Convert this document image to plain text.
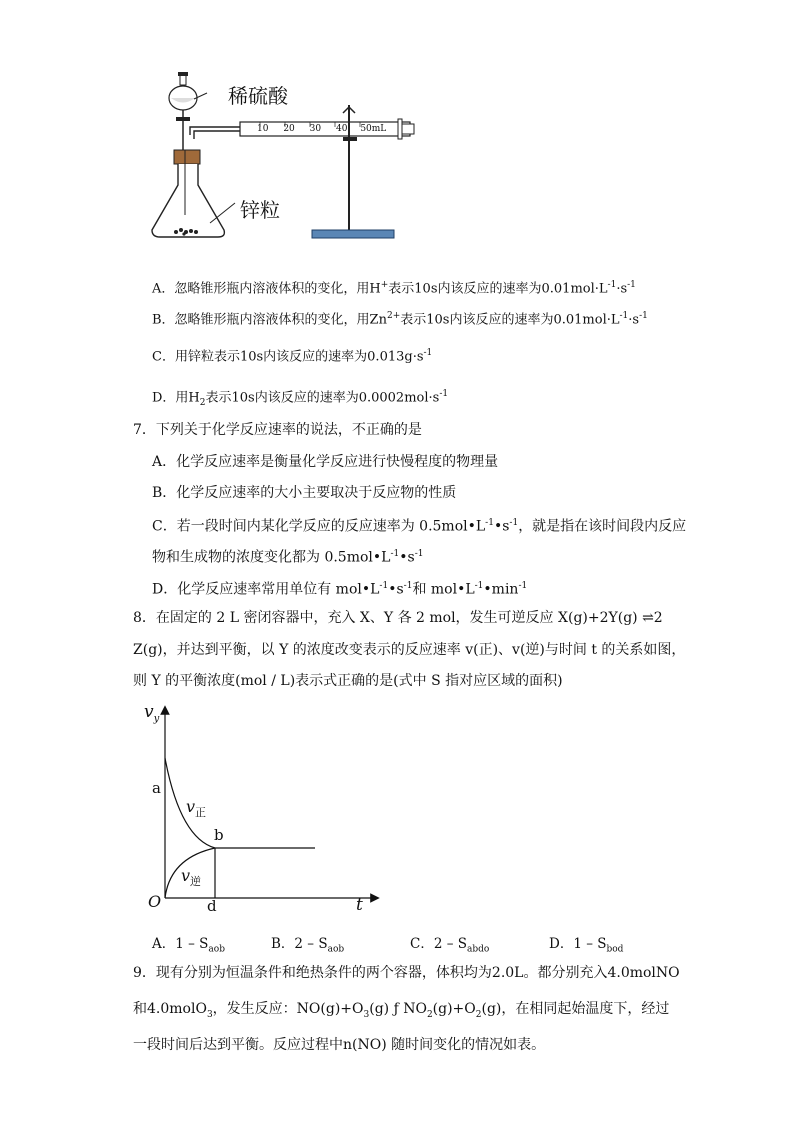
稀硫酸
锌粒
10 20 30 40 50mL
A．忽略锥形瓶内溶液体积的变化，用H+表示10s内该反应的速率为$0.01mol\cdot L^{-1}\cdot s^{-1}$
B．忽略锥形瓶内溶液体积的变化，用$Zn^{2+}$表示10s内该反应的速率为$0.01mol\cdot L^{-1}\cdot s^{-1}$
C．用锌粒表示10s内该反应的速率为$0.013g\cdot s^{-1}$
D．用$H_2$表示10s内该反应的速率为$0.0002mol\cdot s^{-1}$
7．下列关于化学反应速率的说法，不正确的是
A．化学反应速率是衡量化学反应进行快慢程度的物理量
B．化学反应速率的大小主要取决于反应物的性质
C．若一段时间内某化学反应的反应速率为 $0.5mol•L^{-1}•s^{-1}$，就是指在该时间段内反应
物和生成物的浓度变化都为 $0.5mol•L^{-1}•s^{-1}$
D．化学反应速率常用单位有 $mol•L^{-1}•s^{-1}$和 $mol•L^{-1}•\min^{-1}$
8．在固定的 2 L 密闭容器中，充入 X、Y 各 2 mol，发生可逆反应 X(g)+2Y(g) ⇌2
Z(g)，并达到平衡，以 Y 的浓度改变表示的反应速率 v(正)、v(逆)与时间 t 的关系如图，
则 Y 的平衡浓度(mol / L)表示式正确的是(式中 S 指对应区域的面积)
$v_y$
a
$v_正$
b
$v_逆$
O	d	t
A．$1 - S_{aob}$	B．$2 - S_{aob}$	C．$2 - S_{abdo}$	D．$1 - S_{bod}$
9．现有分别为恒温条件和绝热条件的两个容器，体积均为2.0L。都分别充入4.0molNO
和4.0molO$_3$，发生反应：$NO(g)+O_3(g)$ ƒ $NO_2(g)+O_2(g)$，在相同起始温度下，经过
一段时间后达到平衡。反应过程中n(NO) 随时间变化的情况如表。
